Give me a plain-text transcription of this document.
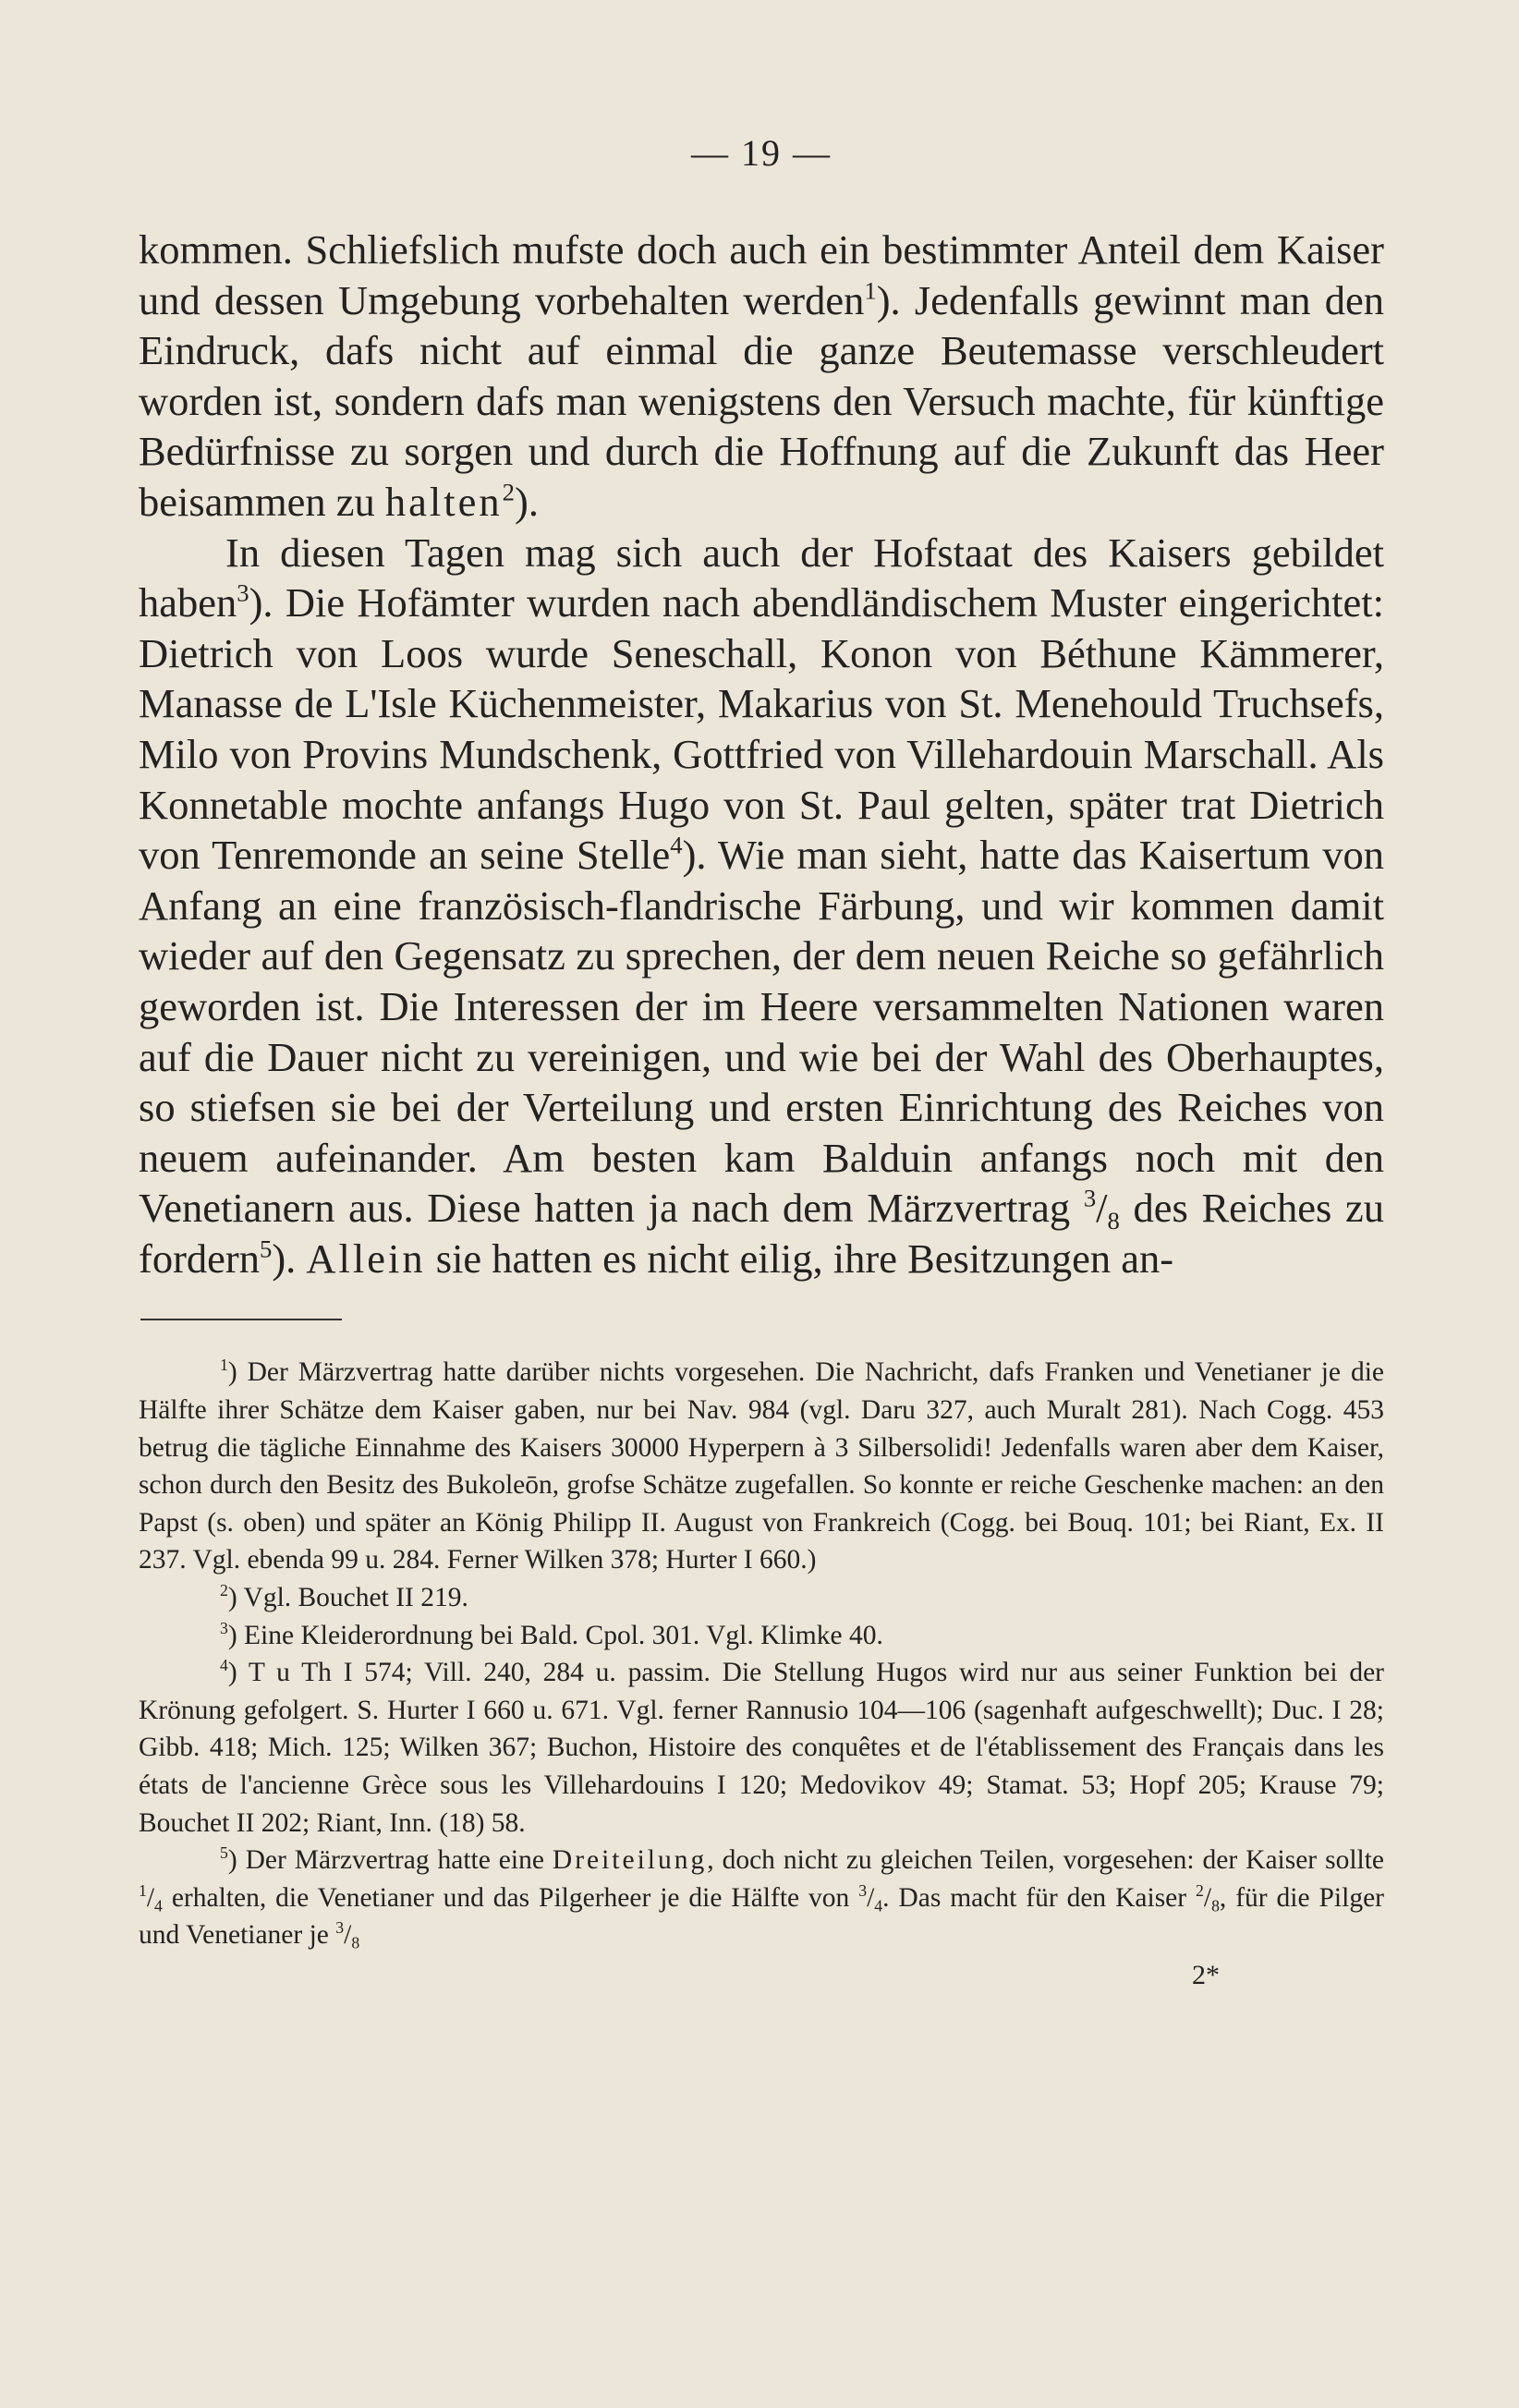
— 19 —

kommen. Schliefslich mufste doch auch ein bestimmter Anteil dem Kaiser und dessen Umgebung vorbehalten werden$^1$). Jedenfalls gewinnt man den Eindruck, dafs nicht auf einmal die ganze Beutemasse verschleudert worden ist, sondern dafs man wenigstens den Versuch machte, für künftige Bedürfnisse zu sorgen und durch die Hoffnung auf die Zukunft das Heer beisammen zu halten$^2$).

In diesen Tagen mag sich auch der Hofstaat des Kaisers gebildet haben$^3$). Die Hofämter wurden nach abendländischem Muster eingerichtet: Dietrich von Loos wurde Seneschall, Konon von Béthune Kämmerer, Manasse de L'Isle Küchenmeister, Makarius von St. Menehould Truchsefs, Milo von Provins Mundschenk, Gottfried von Villehardouin Marschall. Als Konnetable mochte anfangs Hugo von St. Paul gelten, später trat Dietrich von Tenremonde an seine Stelle$^4$). Wie man sieht, hatte das Kaisertum von Anfang an eine französisch-flandrische Färbung, und wir kommen damit wieder auf den Gegensatz zu sprechen, der dem neuen Reiche so gefährlich geworden ist. Die Interessen der im Heere versammelten Nationen waren auf die Dauer nicht zu vereinigen, und wie bei der Wahl des Oberhauptes, so stiefsen sie bei der Verteilung und ersten Einrichtung des Reiches von neuem aufeinander. Am besten kam Balduin anfangs noch mit den Venetianern aus. Diese hatten ja nach dem Märzvertrag $^3/_8$ des Reiches zu fordern$^5$). Allein sie hatten es nicht eilig, ihre Besitzungen an-

$^1$) Der Märzvertrag hatte darüber nichts vorgesehen. Die Nachricht, dafs Franken und Venetianer je die Hälfte ihrer Schätze dem Kaiser gaben, nur bei Nav. 984 (vgl. Daru 327, auch Muralt 281). Nach Cogg. 453 betrug die tägliche Einnahme des Kaisers 30000 Hyperpern à 3 Silbersolidi! Jedenfalls waren aber dem Kaiser, schon durch den Besitz des Bukoleōn, grofse Schätze zugefallen. So konnte er reiche Geschenke machen: an den Papst (s. oben) und später an König Philipp II. August von Frankreich (Cogg. bei Bouq. 101; bei Riant, Ex. II 237. Vgl. ebenda 99 u. 284. Ferner Wilken 378; Hurter I 660.)

$^2$) Vgl. Bouchet II 219.

$^3$) Eine Kleiderordnung bei Bald. Cpol. 301. Vgl. Klimke 40.

$^4$) T u Th I 574; Vill. 240, 284 u. passim. Die Stellung Hugos wird nur aus seiner Funktion bei der Krönung gefolgert. S. Hurter I 660 u. 671. Vgl. ferner Rannusio 104—106 (sagenhaft aufgeschwellt); Duc. I 28; Gibb. 418; Mich. 125; Wilken 367; Buchon, Histoire des conquêtes et de l'établissement des Français dans les états de l'ancienne Grèce sous les Villehardouins I 120; Medovikov 49; Stamat. 53; Hopf 205; Krause 79; Bouchet II 202; Riant, Inn. (18) 58.

$^5$) Der Märzvertrag hatte eine Dreiteilung, doch nicht zu gleichen Teilen, vorgesehen: der Kaiser sollte $^1/_4$ erhalten, die Venetianer und das Pilgerheer je die Hälfte von $^3/_4$. Das macht für den Kaiser $^2/_8$, für die Pilger und Venetianer je $^3/_8$

2*
